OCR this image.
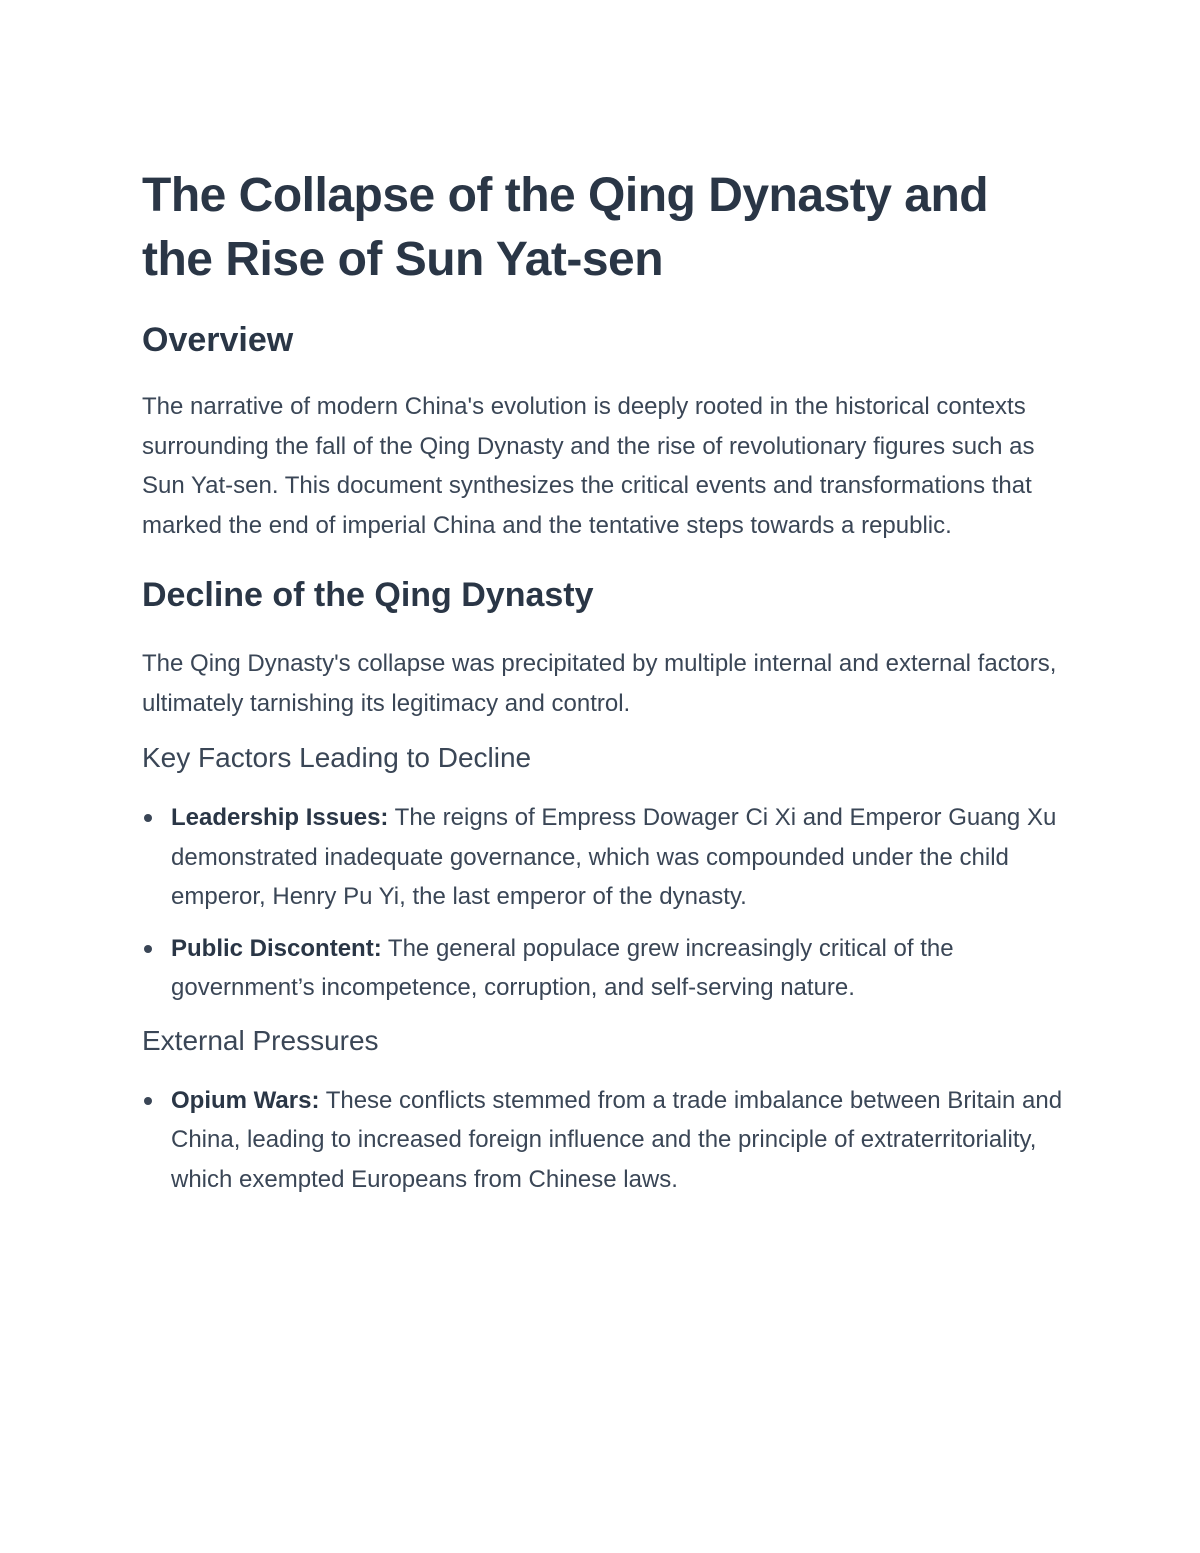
The Collapse of the Qing Dynasty and the Rise of Sun Yat-sen
Overview

The narrative of modern China's evolution is deeply rooted in the historical contexts surrounding the fall of the Qing Dynasty and the rise of revolutionary figures such as Sun Yat-sen. This document synthesizes the critical events and transformations that marked the end of imperial China and the tentative steps towards a republic.

Decline of the Qing Dynasty

The Qing Dynasty's collapse was precipitated by multiple internal and external factors, ultimately tarnishing its legitimacy and control.

Key Factors Leading to Decline
Leadership Issues: The reigns of Empress Dowager Ci Xi and Emperor Guang Xu demonstrated inadequate governance, which was compounded under the child emperor, Henry Pu Yi, the last emperor of the dynasty.
Public Discontent: The general populace grew increasingly critical of the government’s incompetence, corruption, and self-serving nature.
External Pressures
Opium Wars: These conflicts stemmed from a trade imbalance between Britain and China, leading to increased foreign influence and the principle of extraterritoriality, which exempted Europeans from Chinese laws.
